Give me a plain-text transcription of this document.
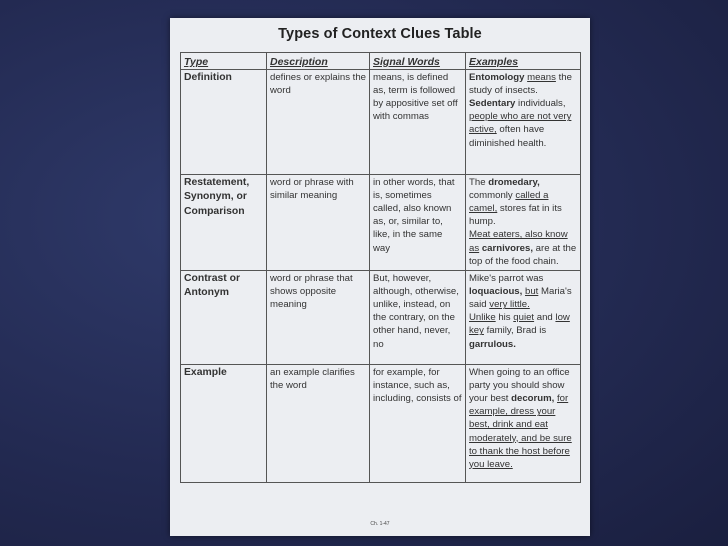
Types of Context Clues Table
Type	Description	Signal Words	Examples
Definition	defines or explains the word	means, is defined as, term is followed by appositive set off with commas	Entomology means the study of insects.
Sedentary individuals, people who are not very active, often have diminished health.
Restatement, Synonym, or Comparison	word or phrase with similar meaning	in other words, that is, sometimes called, also known as, or, similar to, like, in the same way	The dromedary, commonly called a camel, stores fat in its hump.
Meat eaters, also know as carnivores, are at the top of the food chain.
Contrast or Antonym	word or phrase that shows opposite meaning	But, however, although, otherwise, unlike, instead, on the contrary, on the other hand, never, no	Mike's parrot was loquacious, but Maria's said very little.
Unlike his quiet and low key family, Brad is garrulous.
Example	an example clarifies the word	for example, for instance, such as, including, consists of	When going to an office party you should show your best decorum, for example, dress your best, drink and eat moderately, and be sure to thank the host before you leave.
Ch. 1-47
